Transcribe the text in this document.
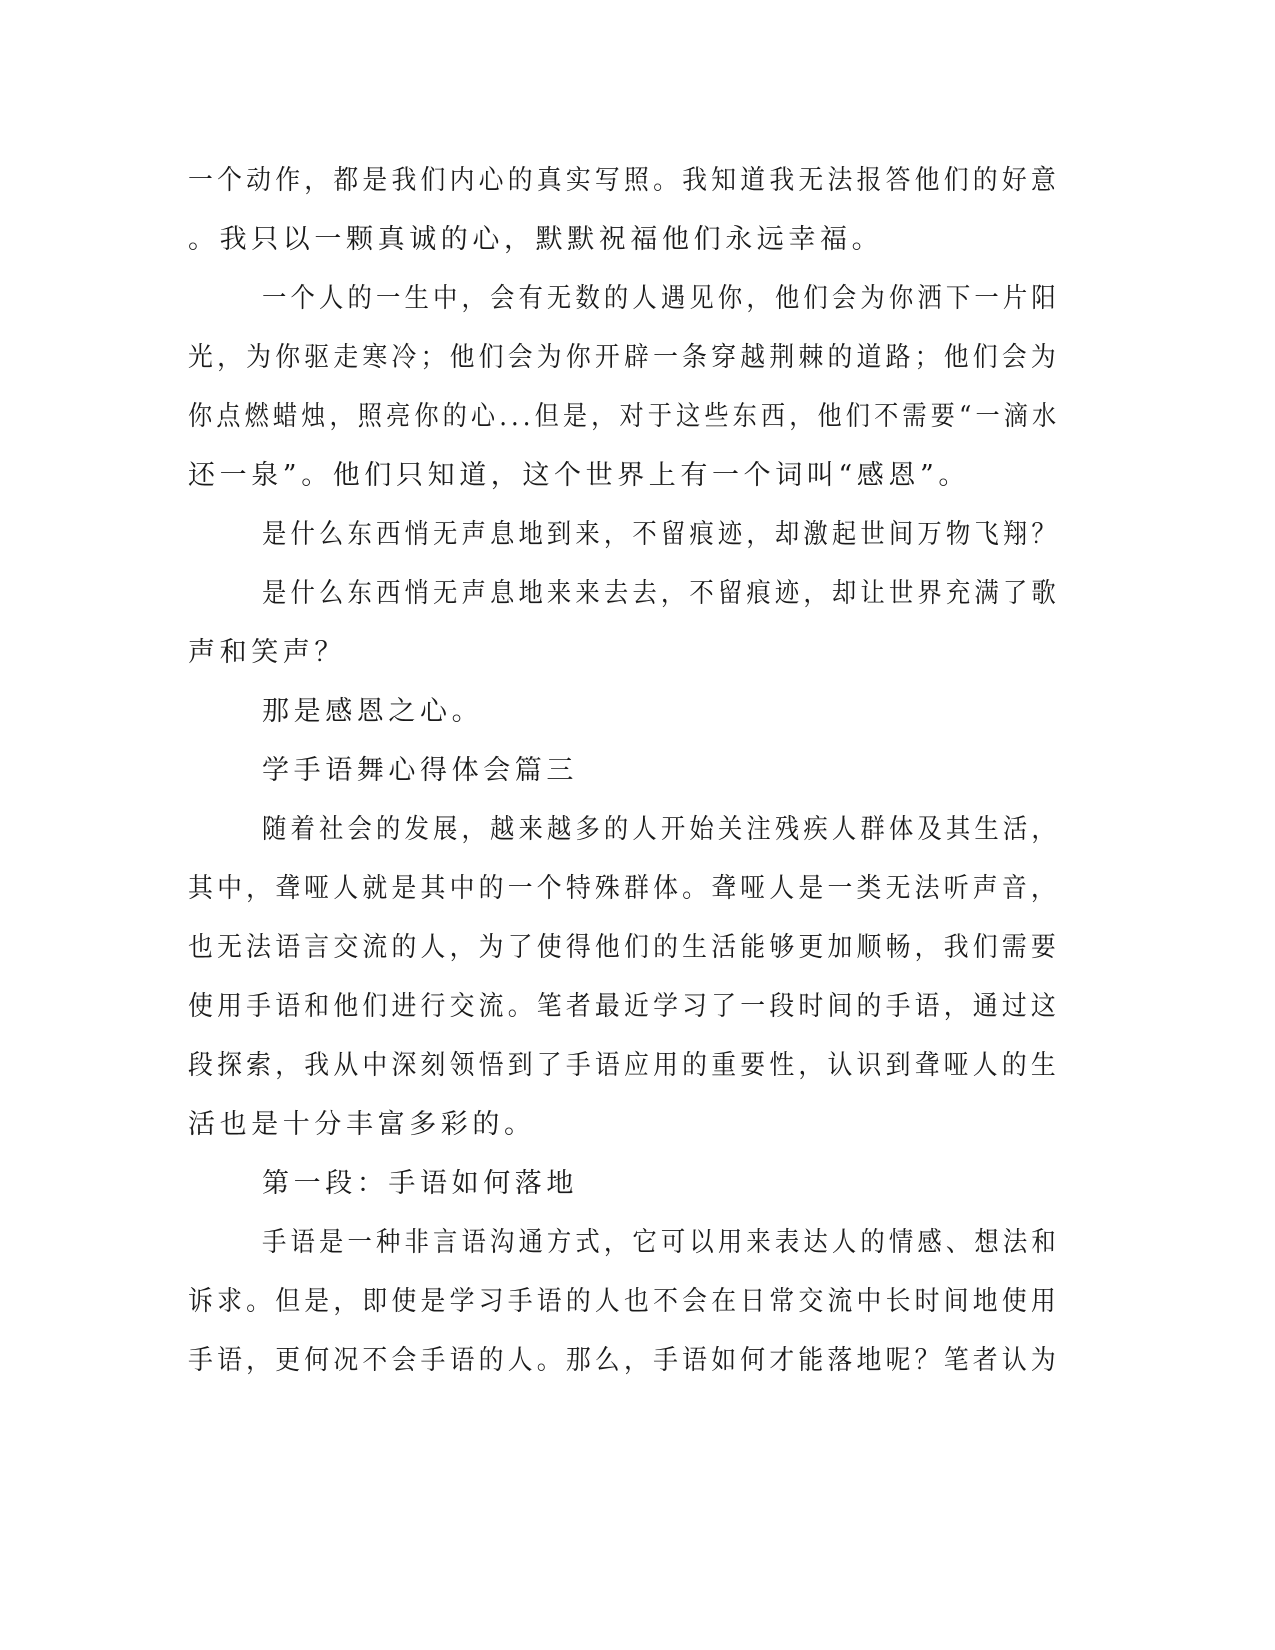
一个动作，都是我们内心的真实写照。我知道我无法报答他们的好意

。我只以一颗真诚的心，默默祝福他们永远幸福。

一个人的一生中，会有无数的人遇见你，他们会为你洒下一片阳

光，为你驱走寒冷；他们会为你开辟一条穿越荆棘的道路；他们会为

你点燃蜡烛，照亮你的心...但是，对于这些东西，他们不需要“一滴水

还一泉”。他们只知道，这个世界上有一个词叫“感恩”。

是什么东西悄无声息地到来，不留痕迹，却激起世间万物飞翔？

是什么东西悄无声息地来来去去，不留痕迹，却让世界充满了歌

声和笑声？

那是感恩之心。

学手语舞心得体会篇三

随着社会的发展，越来越多的人开始关注残疾人群体及其生活，

其中，聋哑人就是其中的一个特殊群体。聋哑人是一类无法听声音，

也无法语言交流的人，为了使得他们的生活能够更加顺畅，我们需要

使用手语和他们进行交流。笔者最近学习了一段时间的手语，通过这

段探索，我从中深刻领悟到了手语应用的重要性，认识到聋哑人的生

活也是十分丰富多彩的。

第一段：手语如何落地

手语是一种非言语沟通方式，它可以用来表达人的情感、想法和

诉求。但是，即使是学习手语的人也不会在日常交流中长时间地使用

手语，更何况不会手语的人。那么，手语如何才能落地呢？笔者认为
